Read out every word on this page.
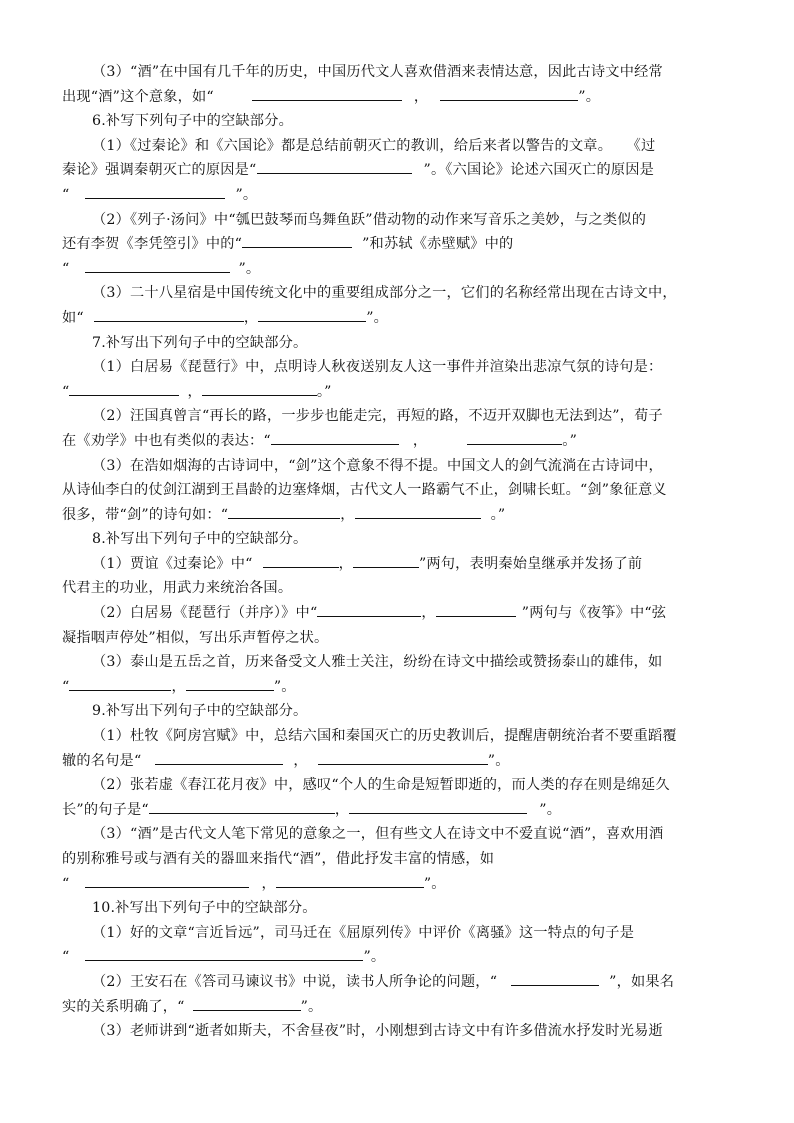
（3）“酒”在中国有几千年的历史，中国历代文人喜欢借酒来表情达意，因此古诗文中经常

出现“酒”这个意象，如“	，	”。

6.补写下列句子中的空缺部分。

（1）《过秦论》和《六国论》都是总结前朝灭亡的教训，给后来者以警告的文章。　　《过

秦论》强调秦朝灭亡的原因是“	”。《六国论》论述六国灭亡的原因是

“	”。

（2）《列子·汤问》中“瓠巴鼓琴而鸟舞鱼跃”借动物的动作来写音乐之美妙，与之类似的

还有李贺《李凭箜引》中的“	”和苏轼《赤壁赋》中的

“	”。

（3）二十八星宿是中国传统文化中的重要组成部分之一，它们的名称经常出现在古诗文中，

如“	，	”。

7.补写出下列句子中的空缺部分。

（1）白居易《琵琶行》中，点明诗人秋夜送别友人这一事件并渲染出悲凉气氛的诗句是：

“	，	。”

（2）汪国真曾言“再长的路，一步步也能走完，再短的路，不迈开双脚也无法到达”，荀子

在《劝学》中也有类似的表达：“	，	。”

（3）在浩如烟海的古诗词中，“剑”这个意象不得不提。中国文人的剑气流淌在古诗词中，

从诗仙李白的仗剑江湖到王昌龄的边塞烽烟，古代文人一路霸气不止，剑啸长虹。“剑”象征意义

很多，带“剑”的诗句如：“	，	。”

8.补写出下列句子中的空缺部分。

（1）贾谊《过秦论》中“	，	”两句，表明秦始皇继承并发扬了前

代君主的功业，用武力来统治各国。

（2）白居易《琵琶行（并序）》中“	，	”两句与《夜筝》中“弦

凝指咽声停处”相似，写出乐声暂停之状。

（3）泰山是五岳之首，历来备受文人雅士关注，纷纷在诗文中描绘或赞扬泰山的雄伟，如

“	，	”。

9.补写出下列句子中的空缺部分。

（1）杜牧《阿房宫赋》中，总结六国和秦国灭亡的历史教训后，提醒唐朝统治者不要重蹈覆

辙的名句是“	，	”。

（2）张若虚《春江花月夜》中，感叹“个人的生命是短暂即逝的，而人类的存在则是绵延久

长”的句子是“	，	”。

（3）“酒”是古代文人笔下常见的意象之一，但有些文人在诗文中不爱直说“酒”，喜欢用酒

的别称雅号或与酒有关的器皿来指代“酒”，借此抒发丰富的情感，如

“	，	”。

10.补写出下列句子中的空缺部分。

（1）好的文章“言近旨远”，司马迁在《屈原列传》中评价《离骚》这一特点的句子是

“	”。

（2）王安石在《答司马谏议书》中说，读书人所争论的问题，“	”，如果名

实的关系明确了，“	”。

（3）老师讲到“逝者如斯夫，不舍昼夜”时，小刚想到古诗文中有许多借流水抒发时光易逝
